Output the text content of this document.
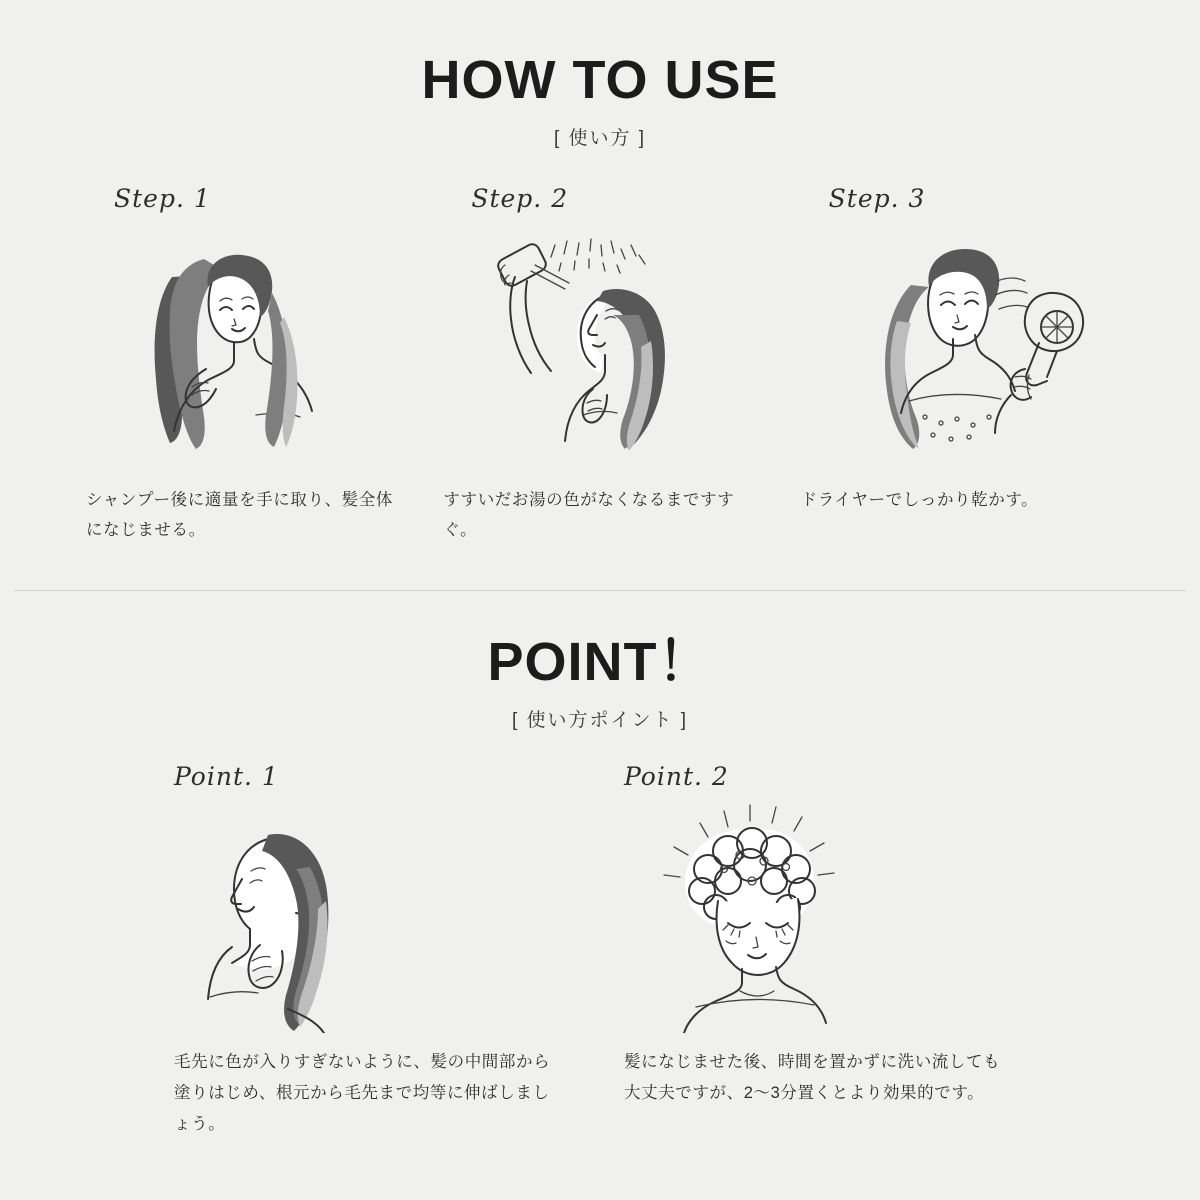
HOW TO USE
[ 使い方 ]
Step. 1
シャンプー後に適量を手に取り、髪全体になじませる。
Step. 2
すすいだお湯の色がなくなるまですすぐ。
Step. 3
ドライヤーでしっかり乾かす。
POINT！
[ 使い方ポイント ]
Point. 1
毛先に色が入りすぎないように、髪の中間部から塗りはじめ、根元から毛先まで均等に伸ばしましょう。
Point. 2
髪になじませた後、時間を置かずに洗い流しても大丈夫ですが、2〜3分置くとより効果的です。
